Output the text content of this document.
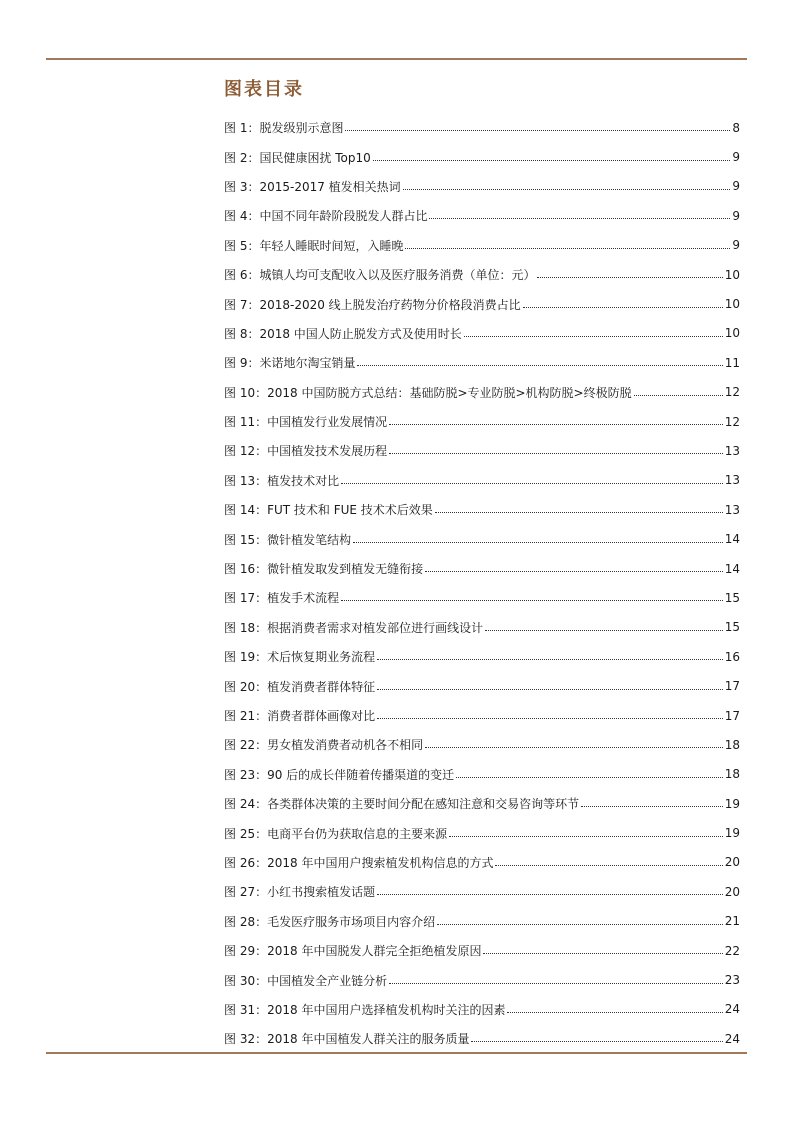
图表目录
图 1：脱发级别示意图	8
图 2：国民健康困扰 Top10	9
图 3：2015-2017 植发相关热词	9
图 4：中国不同年龄阶段脱发人群占比	9
图 5：年轻人睡眠时间短，入睡晚	9
图 6：城镇人均可支配收入以及医疗服务消费（单位：元）	10
图 7：2018-2020 线上脱发治疗药物分价格段消费占比	10
图 8：2018 中国人防止脱发方式及使用时长	10
图 9：米诺地尔淘宝销量	11
图 10：2018 中国防脱方式总结：基础防脱>专业防脱>机构防脱>终极防脱	12
图 11：中国植发行业发展情况	12
图 12：中国植发技术发展历程	13
图 13：植发技术对比	13
图 14：FUT 技术和 FUE 技术术后效果	13
图 15：微针植发笔结构	14
图 16：微针植发取发到植发无缝衔接	14
图 17：植发手术流程	15
图 18：根据消费者需求对植发部位进行画线设计	15
图 19：术后恢复期业务流程	16
图 20：植发消费者群体特征	17
图 21：消费者群体画像对比	17
图 22：男女植发消费者动机各不相同	18
图 23：90 后的成长伴随着传播渠道的变迁	18
图 24：各类群体决策的主要时间分配在感知注意和交易咨询等环节	19
图 25：电商平台仍为获取信息的主要来源	19
图 26：2018 年中国用户搜索植发机构信息的方式	20
图 27：小红书搜索植发话题	20
图 28：毛发医疗服务市场项目内容介绍	21
图 29：2018 年中国脱发人群完全拒绝植发原因	22
图 30：中国植发全产业链分析	23
图 31：2018 年中国用户选择植发机构时关注的因素	24
图 32：2018 年中国植发人群关注的服务质量	24
